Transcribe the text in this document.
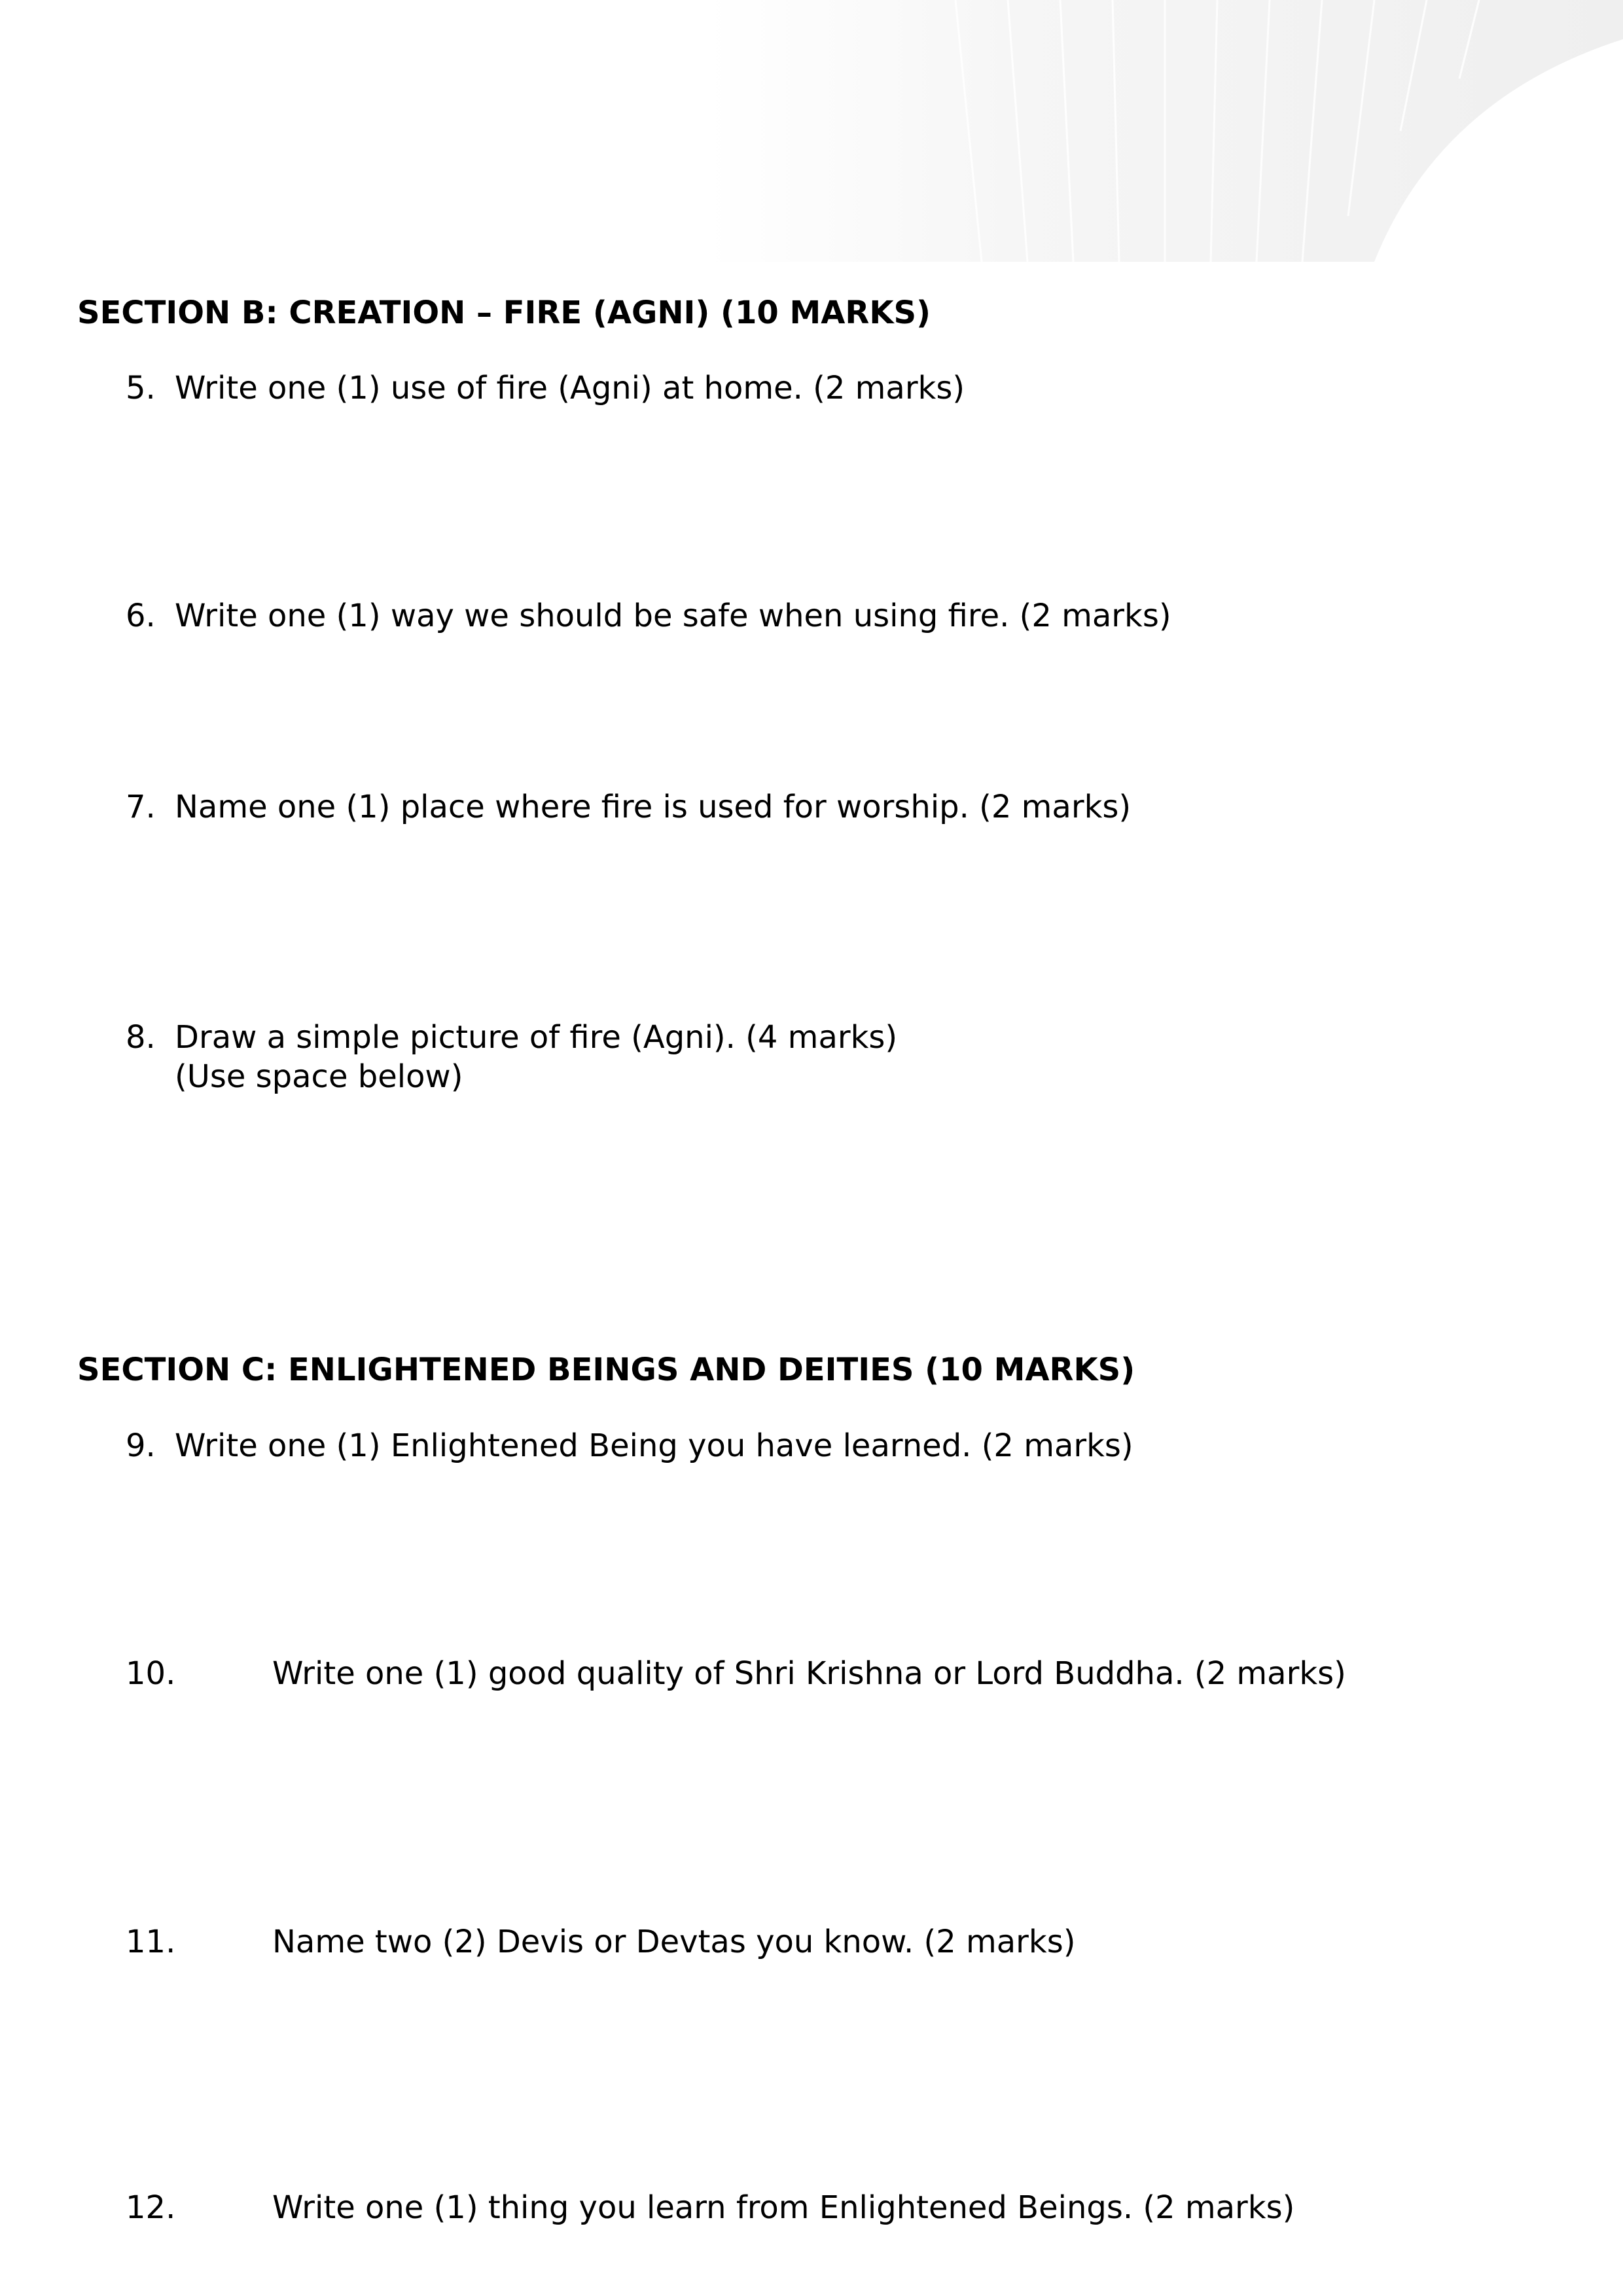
SECTION B: CREATION – FIRE (AGNI) (10 MARKS)
5. Write one (1) use of fire (Agni) at home. (2 marks)
6. Write one (1) way we should be safe when using fire. (2 marks)
7. Name one (1) place where fire is used for worship. (2 marks)
8. Draw a simple picture of fire (Agni). (4 marks)
(Use space below)
SECTION C: ENLIGHTENED BEINGS AND DEITIES (10 MARKS)
9. Write one (1) Enlightened Being you have learned. (2 marks)
10.	Write one (1) good quality of Shri Krishna or Lord Buddha. (2 marks)
11.	Name two (2) Devis or Devtas you know. (2 marks)
12.	Write one (1) thing you learn from Enlightened Beings. (2 marks)
